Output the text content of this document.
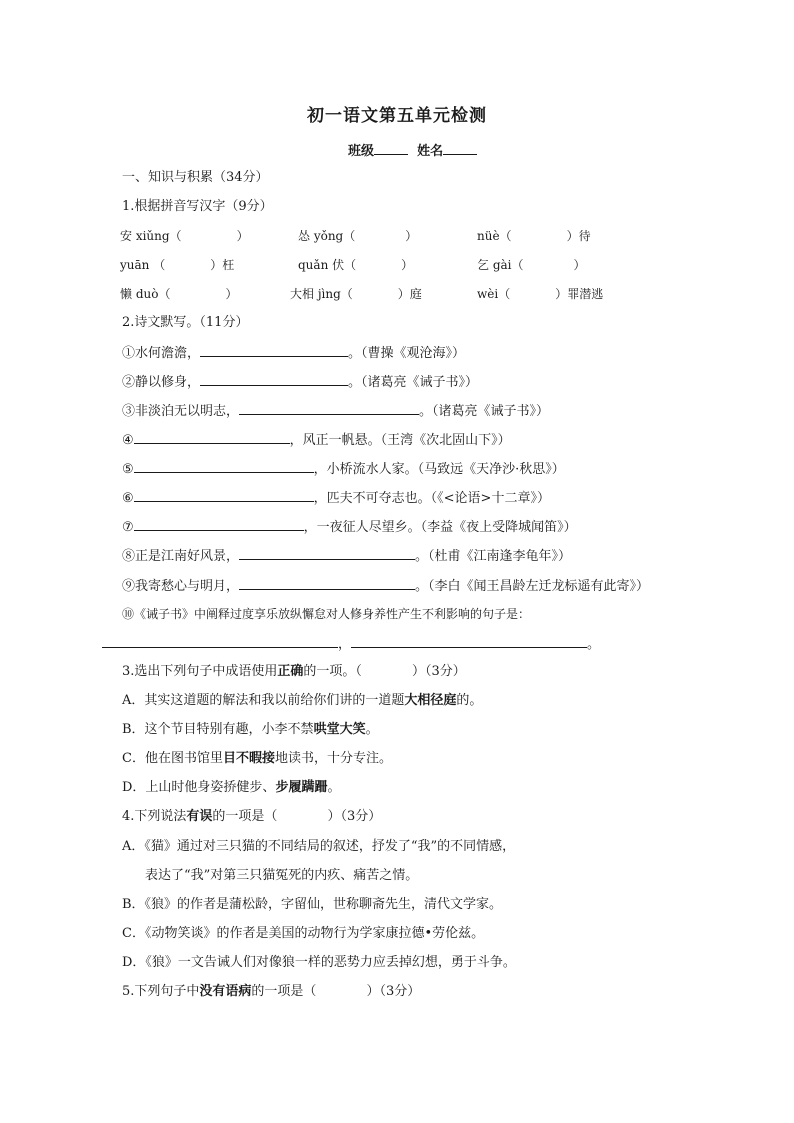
初一语文第五单元检测
班级	姓名
一、知识与积累（34分）
1.根据拼音写汉字（9分）
安 xiǔng（	）	怂 yǒng（	）	nüè（	）待
yuān （	）枉	quǎn 伏（	）	乞 gài（	）
懒 duò（	）	大相 jìng（	）庭	wèi（	）罪潜逃
2.诗文默写。（11分）
①水何澹澹，	。（曹操《观沧海》）
②静以修身，	。（诸葛亮《诫子书》）
③非淡泊无以明志，	。（诸葛亮《诫子书》）
④	，风正一帆悬。（王湾《次北固山下》）
⑤	，小桥流水人家。（马致远《天净沙·秋思》）
⑥	，匹夫不可夺志也。（《<论语>十二章》）
⑦	，一夜征人尽望乡。（李益《夜上受降城闻笛》）
⑧正是江南好风景，	。（杜甫《江南逢李龟年》）
⑨我寄愁心与明月，	。（李白《闻王昌龄左迁龙标遥有此寄》）
⑩《诫子书》中阐释过度享乐放纵懈怠对人修身养性产生不利影响的句子是：
，	。
3.选出下列句子中成语使用正确的一项。（	）（3分）
A．其实这道题的解法和我以前给你们讲的一道题大相径庭的。
B．这个节目特别有趣，小李不禁哄堂大笑。
C．他在图书馆里目不暇接地读书，十分专注。
D．上山时他身姿挢健步、步履蹒跚。
4.下列说法有误的一项是（	）（3分）
A．《猫》通过对三只猫的不同结局的叙述，抒发了“我”的不同情感，
表达了“我”对第三只猫冤死的内疚、痛苦之情。
B．《狼》的作者是蒲松龄，字留仙，世称聊斋先生，清代文学家。
C．《动物笑谈》的作者是美国的动物行为学家康拉德•劳伦兹。
D．《狼》一文告诫人们对像狼一样的恶势力应丢掉幻想，勇于斗争。
5.下列句子中没有语病的一项是（	）（3分）
